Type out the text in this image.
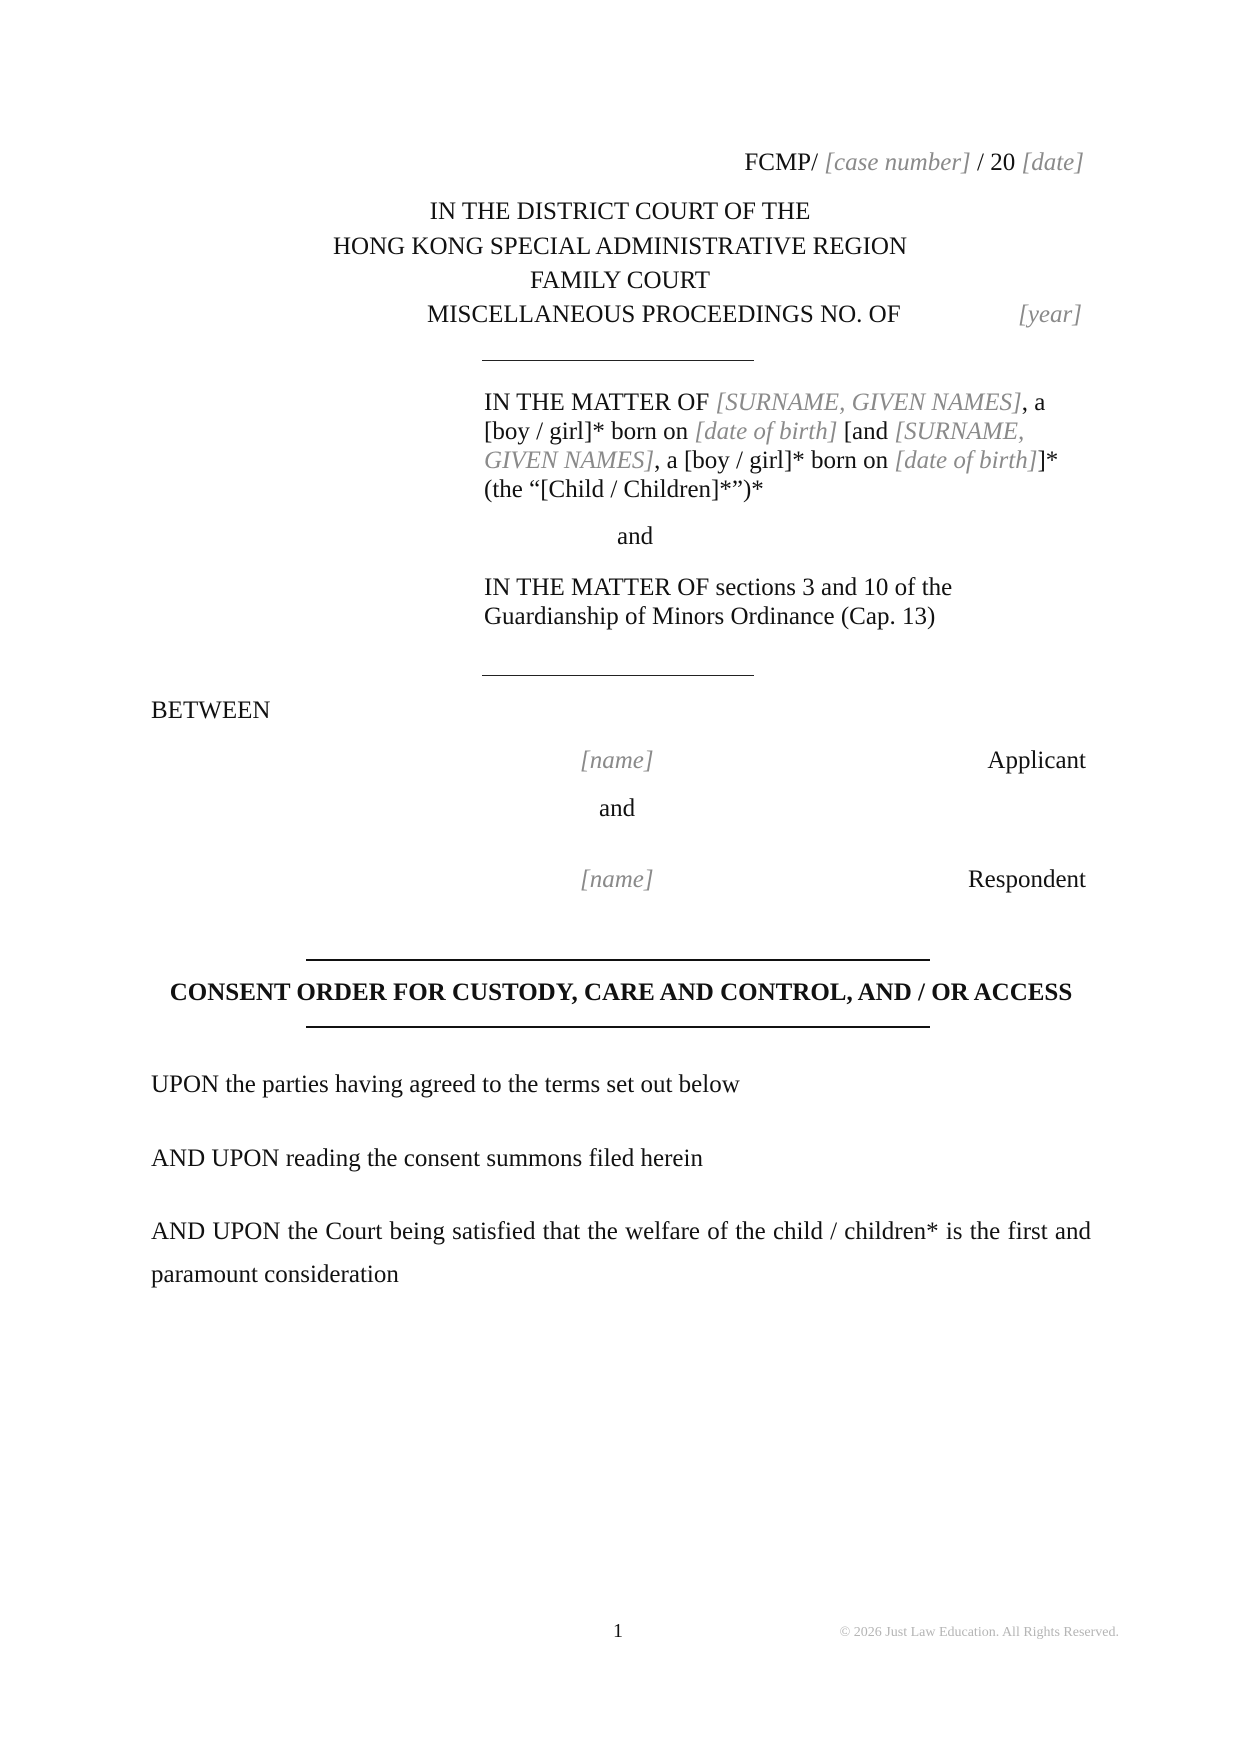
FCMP/ [case number] / 20 [date]
IN THE DISTRICT COURT OF THE
HONG KONG SPECIAL ADMINISTRATIVE REGION
FAMILY COURT
MISCELLANEOUS PROCEEDINGS NO. OF	[year]
IN THE MATTER OF [SURNAME, GIVEN NAMES], a [boy / girl]* born on [date of birth] [and [SURNAME, GIVEN NAMES], a [boy / girl]* born on [date of birth]]* (the “[Child / Children]*”)*
and
IN THE MATTER OF sections 3 and 10 of the Guardianship of Minors Ordinance (Cap. 13)
BETWEEN
[name]	Applicant
and
[name]	Respondent
CONSENT ORDER FOR CUSTODY, CARE AND CONTROL, AND / OR ACCESS
UPON the parties having agreed to the terms set out below
AND UPON reading the consent summons filed herein
AND UPON the Court being satisfied that the welfare of the child / children* is the first and paramount consideration
1	© 2026 Just Law Education. All Rights Reserved.
